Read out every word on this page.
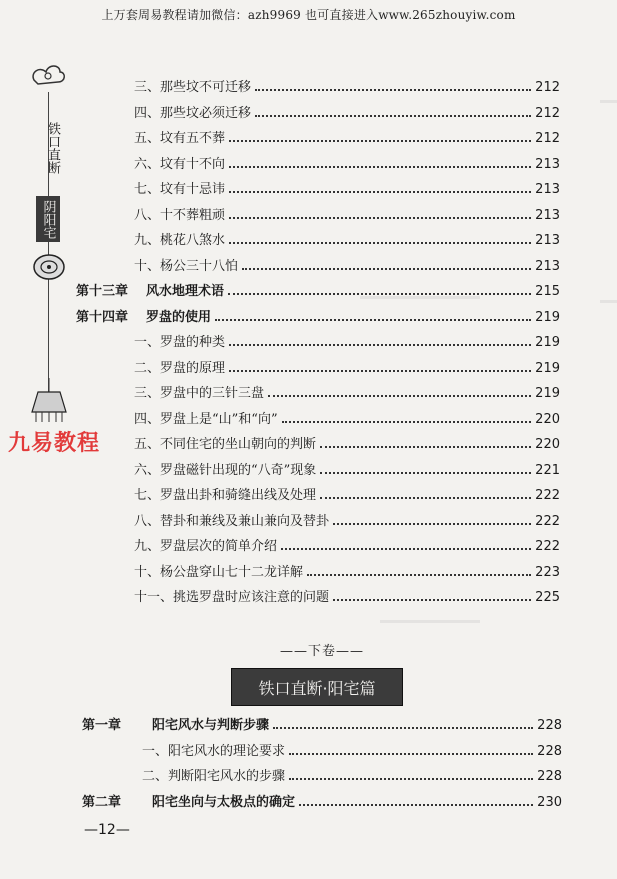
上万套周易教程请加微信：azh9969 也可直接进入www.265zhouyiw.com
铁口直断
阴阳宅
九易教程
三、那些坟不可迁移	212
四、那些坟必须迁移	212
五、坟有五不葬	212
六、坟有十不向	213
七、坟有十忌讳	213
八、十不葬粗顽	213
九、桃花八煞水	213
十、杨公三十八怕	213
第十三章 风水地理术语	215
第十四章 罗盘的使用	219
一、罗盘的种类	219
二、罗盘的原理	219
三、罗盘中的三针三盘	219
四、罗盘上是“山”和“向”	220
五、不同住宅的坐山朝向的判断	220
六、罗盘磁针出现的“八奇”现象	221
七、罗盘出卦和骑缝出线及处理	222
八、替卦和兼线及兼山兼向及替卦	222
九、罗盘层次的简单介绍	222
十、杨公盘穿山七十二龙详解	223
十一、挑选罗盘时应该注意的问题	225
——下卷——
铁口直断·阳宅篇
第一章 阳宅风水与判断步骤	228
一、阳宅风水的理论要求	228
二、判断阳宅风水的步骤	228
第二章 阳宅坐向与太极点的确定	230
—12—
